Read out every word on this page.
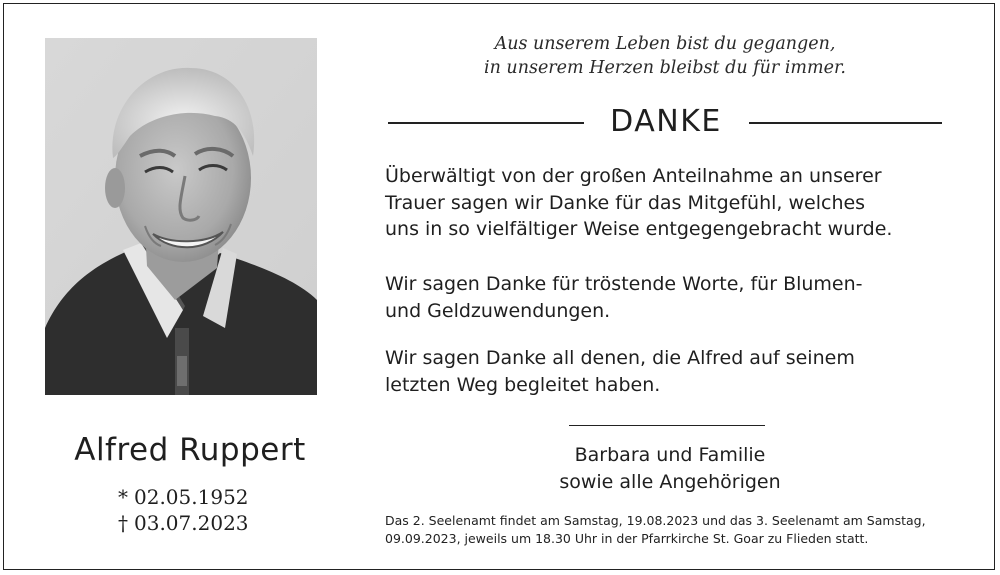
Alfred Ruppert
* 02.05.1952
† 03.07.2023
Aus unserem Leben bist du gegangen,
in unserem Herzen bleibst du für immer.
DANKE
Überwältigt von der großen Anteilnahme an unserer
Trauer sagen wir Danke für das Mitgefühl, welches
uns in so vielfältiger Weise entgegengebracht wurde.
Wir sagen Danke für tröstende Worte, für Blumen-
und Geldzuwendungen.
Wir sagen Danke all denen, die Alfred auf seinem
letzten Weg begleitet haben.
Barbara und Familie
sowie alle Angehörigen
Das 2. Seelenamt findet am Samstag, 19.08.2023 und das 3. Seelenamt am Samstag,
09.09.2023, jeweils um 18.30 Uhr in der Pfarrkirche St. Goar zu Flieden statt.
